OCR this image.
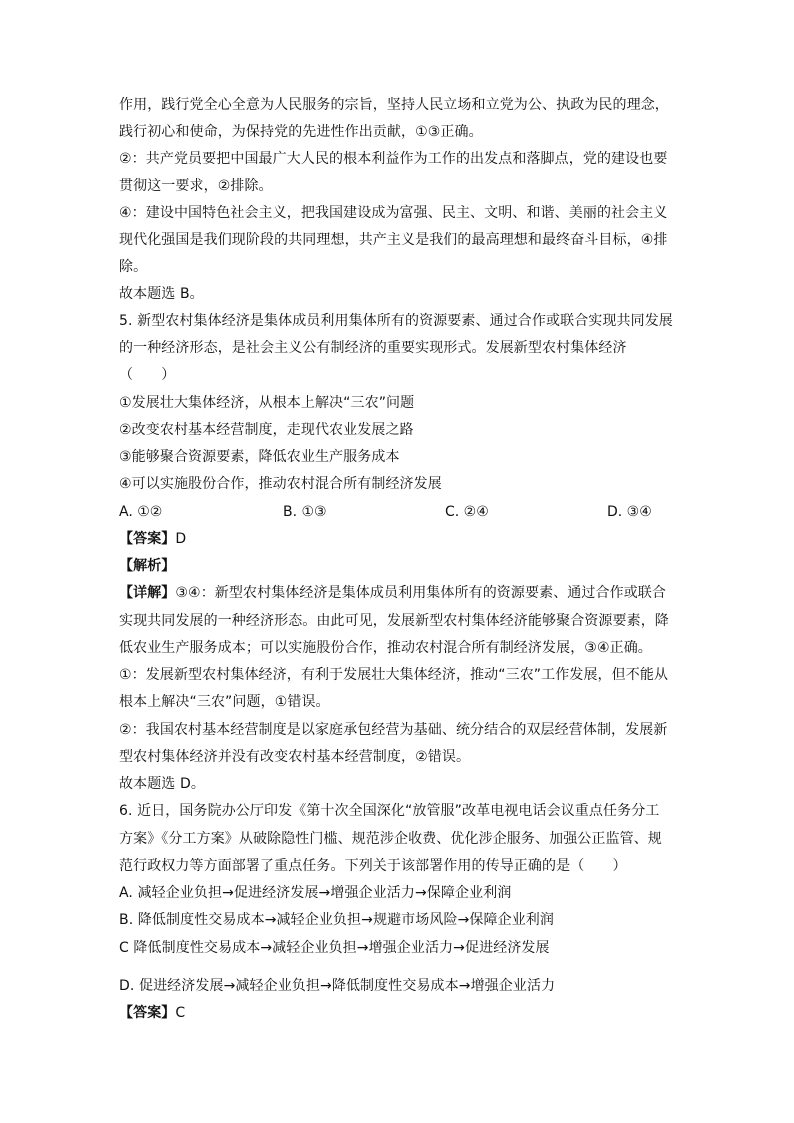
作用，践行党全心全意为人民服务的宗旨，坚持人民立场和立党为公、执政为民的理念，
践行初心和使命，为保持党的先进性作出贡献，①③正确。
②：共产党员要把中国最广大人民的根本利益作为工作的出发点和落脚点，党的建设也要
贯彻这一要求，②排除。
④：建设中国特色社会主义，把我国建设成为富强、民主、文明、和谐、美丽的社会主义
现代化强国是我们现阶段的共同理想，共产主义是我们的最高理想和最终奋斗目标，④排
除。
故本题选 B。
5. 新型农村集体经济是集体成员利用集体所有的资源要素、通过合作或联合实现共同发展
的一种经济形态，是社会主义公有制经济的重要实现形式。发展新型农村集体经济
（　　）
①发展壮大集体经济，从根本上解决“三农”问题
②改变农村基本经营制度，走现代农业发展之路
③能够聚合资源要素，降低农业生产服务成本
④可以实施股份合作，推动农村混合所有制经济发展
A. ①②	B. ①③	C. ②④	D. ③④
【答案】D
【解析】
【详解】③④：新型农村集体经济是集体成员利用集体所有的资源要素、通过合作或联合
实现共同发展的一种经济形态。由此可见，发展新型农村集体经济能够聚合资源要素，降
低农业生产服务成本；可以实施股份合作，推动农村混合所有制经济发展，③④正确。
①：发展新型农村集体经济，有利于发展壮大集体经济，推动“三农”工作发展，但不能从
根本上解决“三农”问题，①错误。
②：我国农村基本经营制度是以家庭承包经营为基础、统分结合的双层经营体制，发展新
型农村集体经济并没有改变农村基本经营制度，②错误。
故本题选 D。
6. 近日，国务院办公厅印发《第十次全国深化“放管服”改革电视电话会议重点任务分工
方案》《分工方案》从破除隐性门槛、规范涉企收费、优化涉企服务、加强公正监管、规
范行政权力等方面部署了重点任务。下列关于该部署作用的传导正确的是（　　）
A. 减轻企业负担→促进经济发展→增强企业活力→保障企业利润
B. 降低制度性交易成本→减轻企业负担→规避市场风险→保障企业利润
C 降低制度性交易成本→减轻企业负担→增强企业活力→促进经济发展
D. 促进经济发展→减轻企业负担→降低制度性交易成本→增强企业活力
【答案】C
